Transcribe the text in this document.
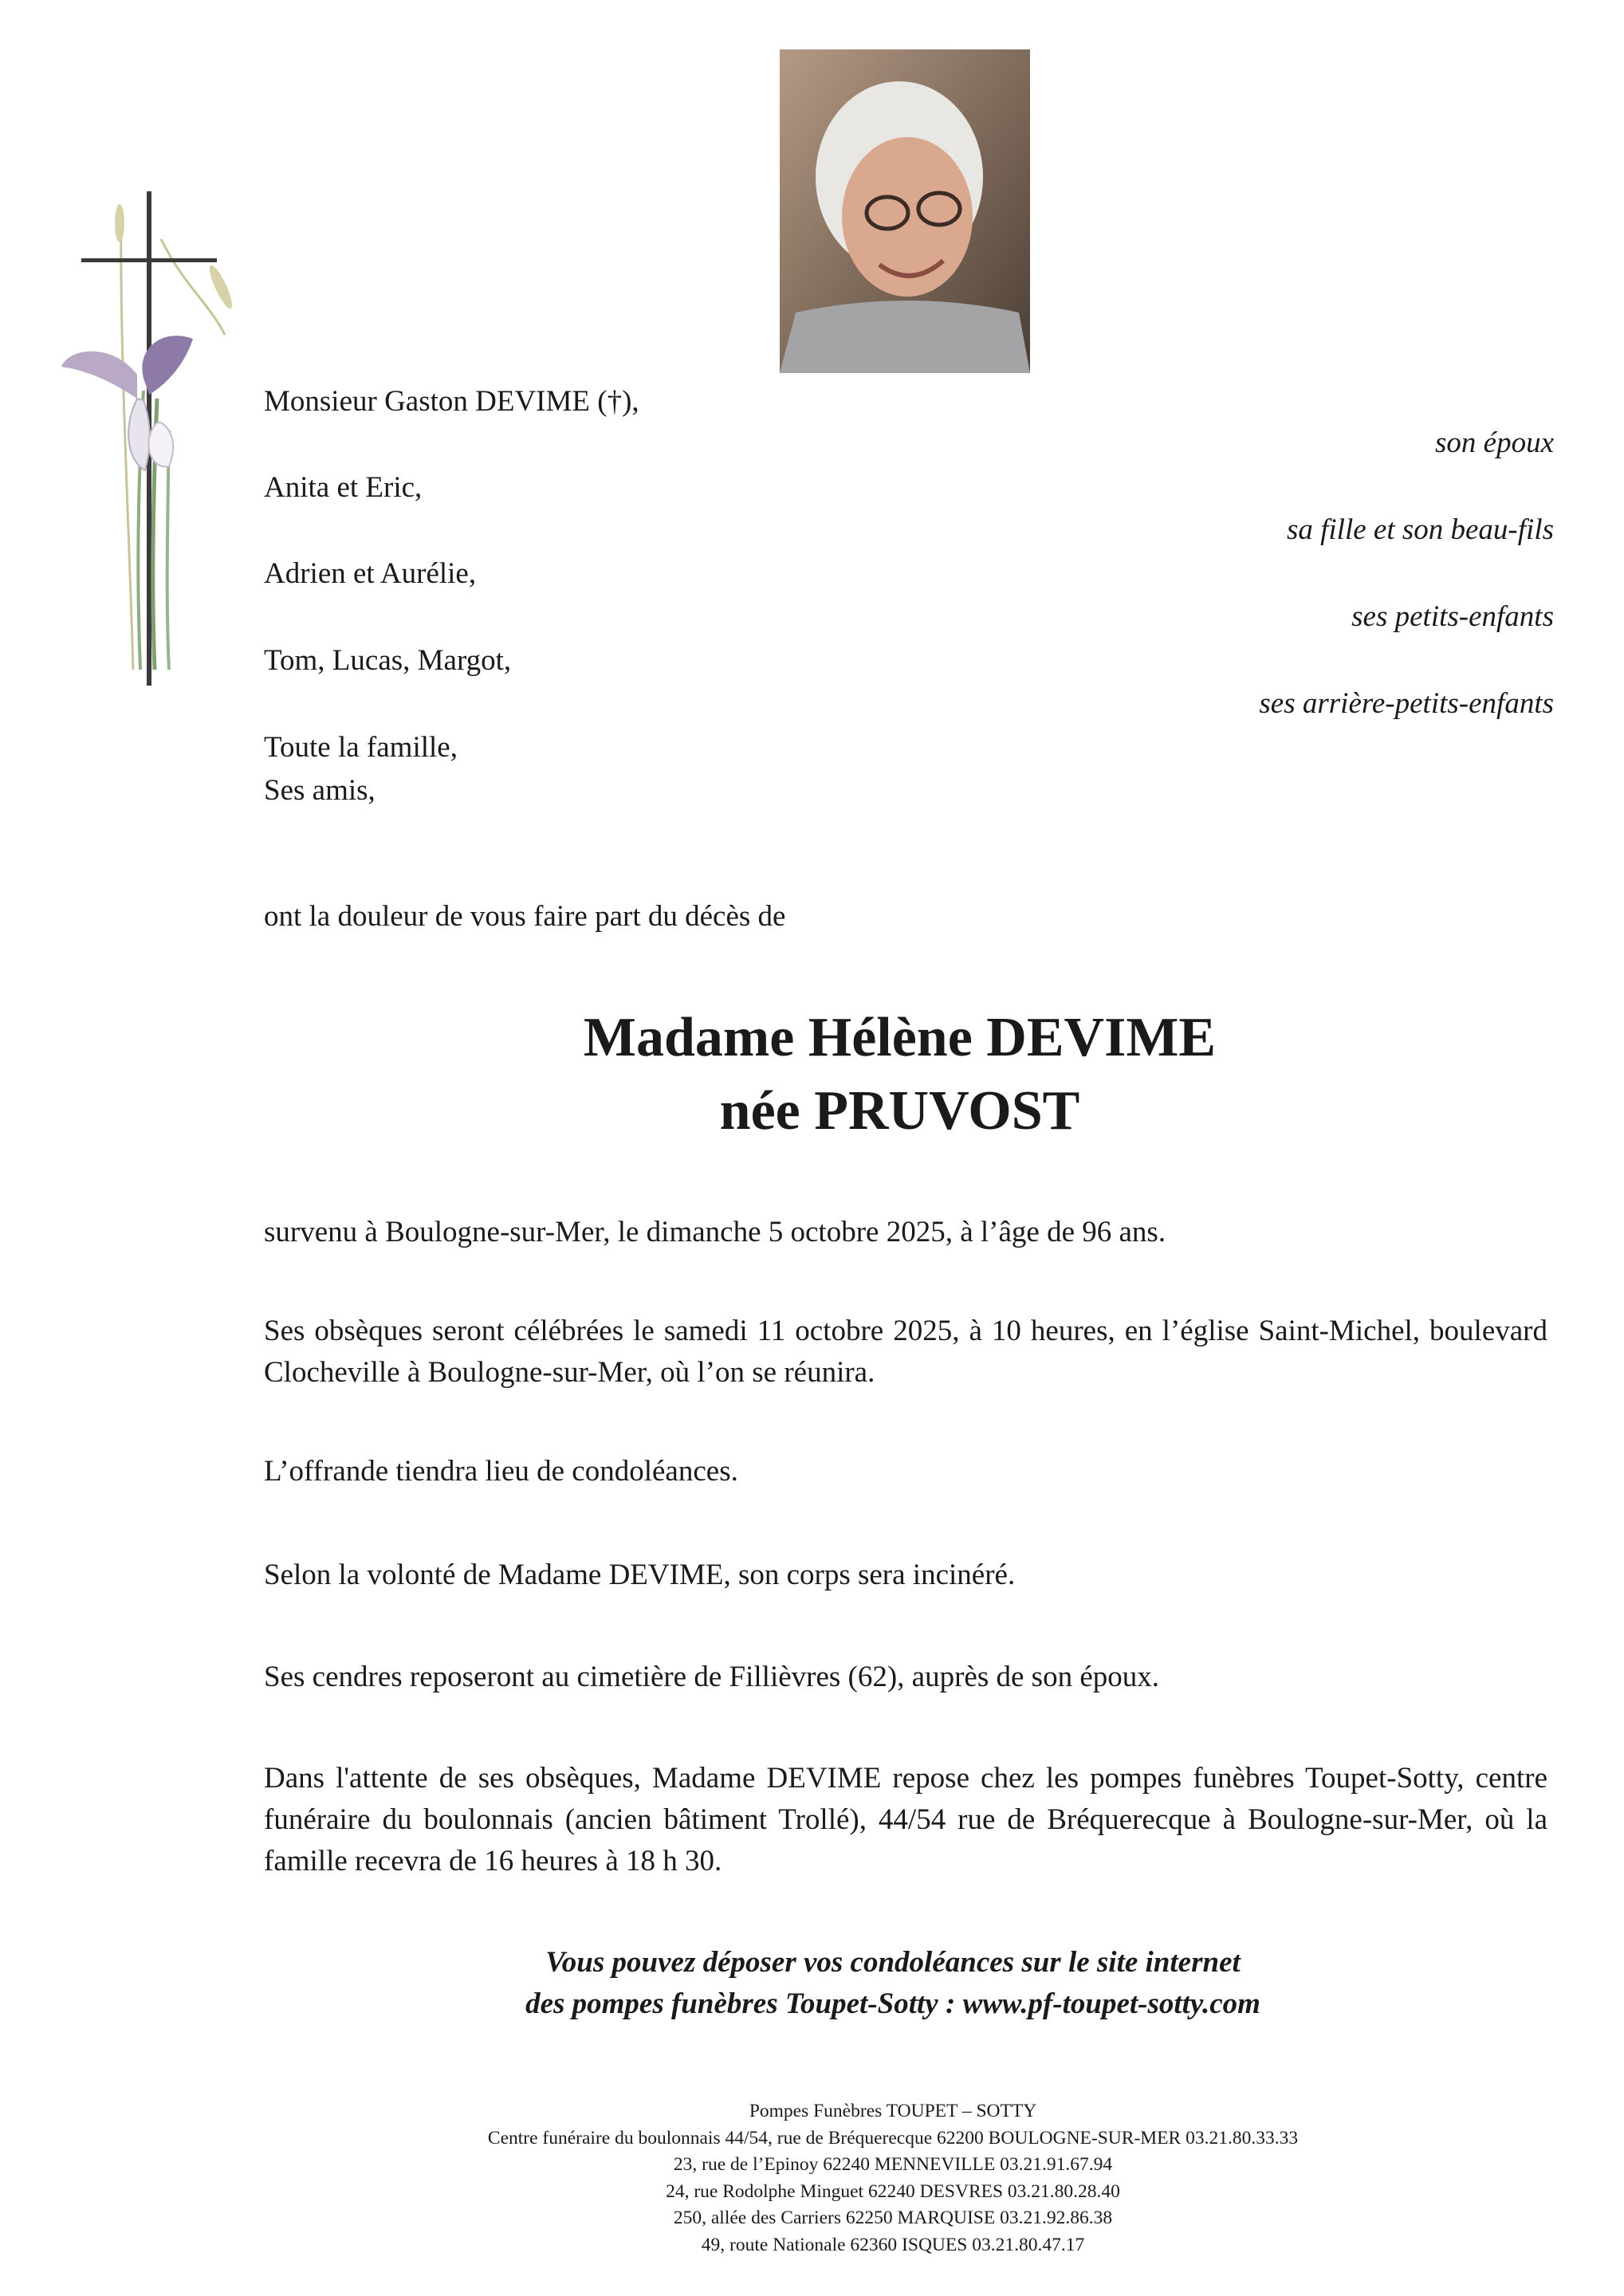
Monsieur Gaston DEVIME (†),
son époux
Anita et Eric,
sa fille et son beau-fils
Adrien et Aurélie,
ses petits-enfants
Tom, Lucas, Margot,
ses arrière-petits-enfants
Toute la famille,
Ses amis,
ont la douleur de vous faire part du décès de
Madame Hélène DEVIME
née PRUVOST
survenu à Boulogne-sur-Mer, le dimanche 5 octobre 2025, à l’âge de 96 ans.
Ses obsèques seront célébrées le samedi 11 octobre 2025, à 10 heures, en l’église Saint-Michel, boulevard Clocheville à Boulogne-sur-Mer, où l’on se réunira.
L’offrande tiendra lieu de condoléances.
Selon la volonté de Madame DEVIME, son corps sera incinéré.
Ses cendres reposeront au cimetière de Fillièvres (62), auprès de son époux.
Dans l'attente de ses obsèques, Madame DEVIME repose chez les pompes funèbres Toupet-Sotty, centre funéraire du boulonnais (ancien bâtiment Trollé), 44/54 rue de Bréquerecque à Boulogne-sur-Mer, où la famille recevra de 16 heures à 18 h 30.
Vous pouvez déposer vos condoléances sur le site internet
des pompes funèbres Toupet-Sotty : www.pf-toupet-sotty.com
Pompes Funèbres TOUPET – SOTTY
Centre funéraire du boulonnais 44/54, rue de Bréquerecque 62200 BOULOGNE-SUR-MER 03.21.80.33.33
23, rue de l’Epinoy 62240 MENNEVILLE 03.21.91.67.94
24, rue Rodolphe Minguet 62240 DESVRES 03.21.80.28.40
250, allée des Carriers 62250 MARQUISE 03.21.92.86.38
49, route Nationale 62360 ISQUES 03.21.80.47.17
